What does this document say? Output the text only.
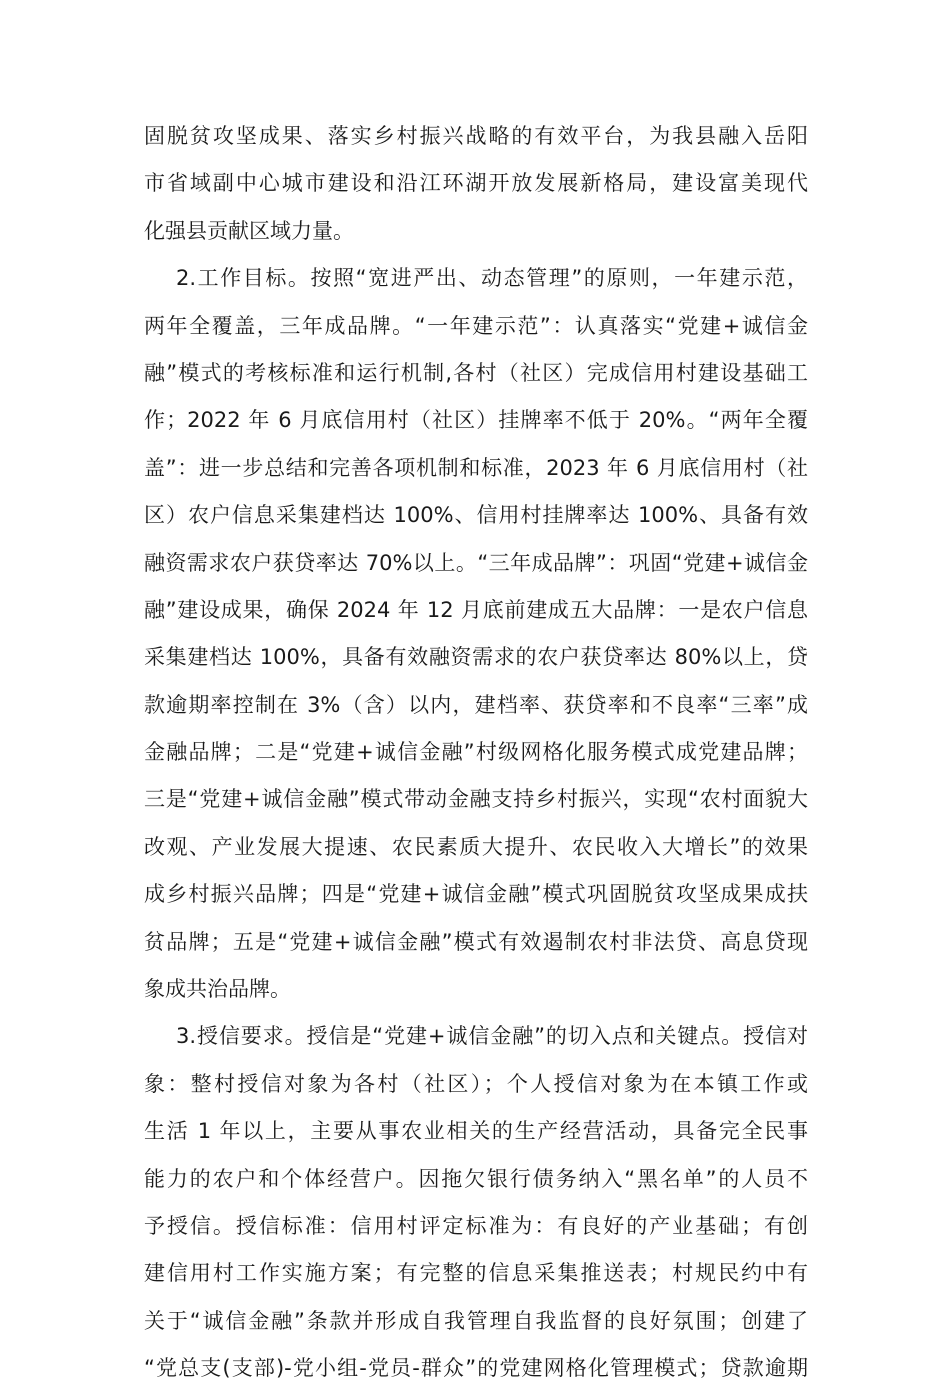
固脱贫攻坚成果、落实乡村振兴战略的有效平台，为我县融入岳阳
市省域副中心城市建设和沿江环湖开放发展新格局，建设富美现代
化强县贡献区域力量。
2.工作目标。按照“宽进严出、动态管理”的原则，一年建示范，
两年全覆盖，三年成品牌。“一年建示范”：认真落实“党建+诚信金
融”模式的考核标准和运行机制,各村（社区）完成信用村建设基础工
作；2022 年 6 月底信用村（社区）挂牌率不低于 20%。“两年全覆
盖”：进一步总结和完善各项机制和标准，2023 年 6 月底信用村（社
区）农户信息采集建档达 100%、信用村挂牌率达 100%、具备有效
融资需求农户获贷率达 70%以上。“三年成品牌”：巩固“党建+诚信金
融”建设成果，确保 2024 年 12 月底前建成五大品牌：一是农户信息
采集建档达 100%，具备有效融资需求的农户获贷率达 80%以上，贷
款逾期率控制在 3%（含）以内，建档率、获贷率和不良率“三率”成
金融品牌；二是“党建+诚信金融”村级网格化服务模式成党建品牌；
三是“党建+诚信金融”模式带动金融支持乡村振兴，实现“农村面貌大
改观、产业发展大提速、农民素质大提升、农民收入大增长”的效果
成乡村振兴品牌；四是“党建+诚信金融”模式巩固脱贫攻坚成果成扶
贫品牌；五是“党建+诚信金融”模式有效遏制农村非法贷、高息贷现
象成共治品牌。
3.授信要求。授信是“党建+诚信金融”的切入点和关键点。授信对
象：整村授信对象为各村（社区）；个人授信对象为在本镇工作或
生活 1 年以上，主要从事农业相关的生产经营活动，具备完全民事
能力的农户和个体经营户。因拖欠银行债务纳入“黑名单”的人员不
予授信。授信标准：信用村评定标准为：有良好的产业基础；有创
建信用村工作实施方案；有完整的信息采集推送表；村规民约中有
关于“诚信金融”条款并形成自我管理自我监督的良好氛围；创建了
“党总支(支部)-党小组-党员-群众”的党建网格化管理模式；贷款逾期
